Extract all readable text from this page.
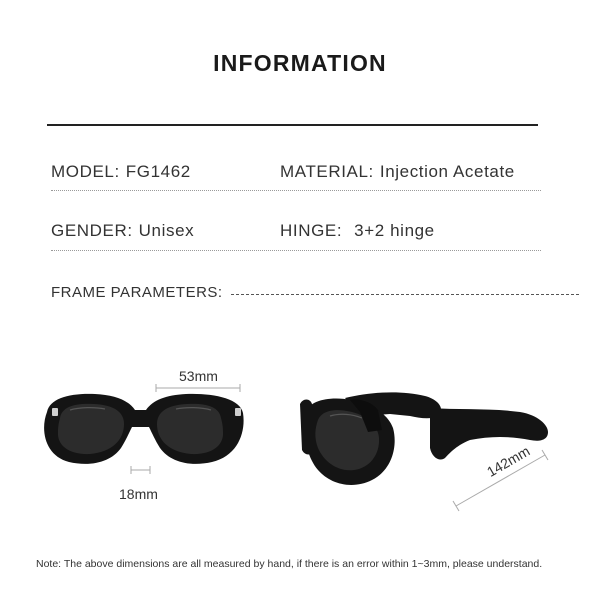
INFORMATION
MODEL: FG1462	MATERIAL: Injection Acetate
GENDER: Unisex	HINGE: 3+2 hinge
FRAME PARAMETERS:
53mm
18mm
142mm
Note: The above dimensions are all measured by hand, if there is an error within 1~3mm, please understand.
